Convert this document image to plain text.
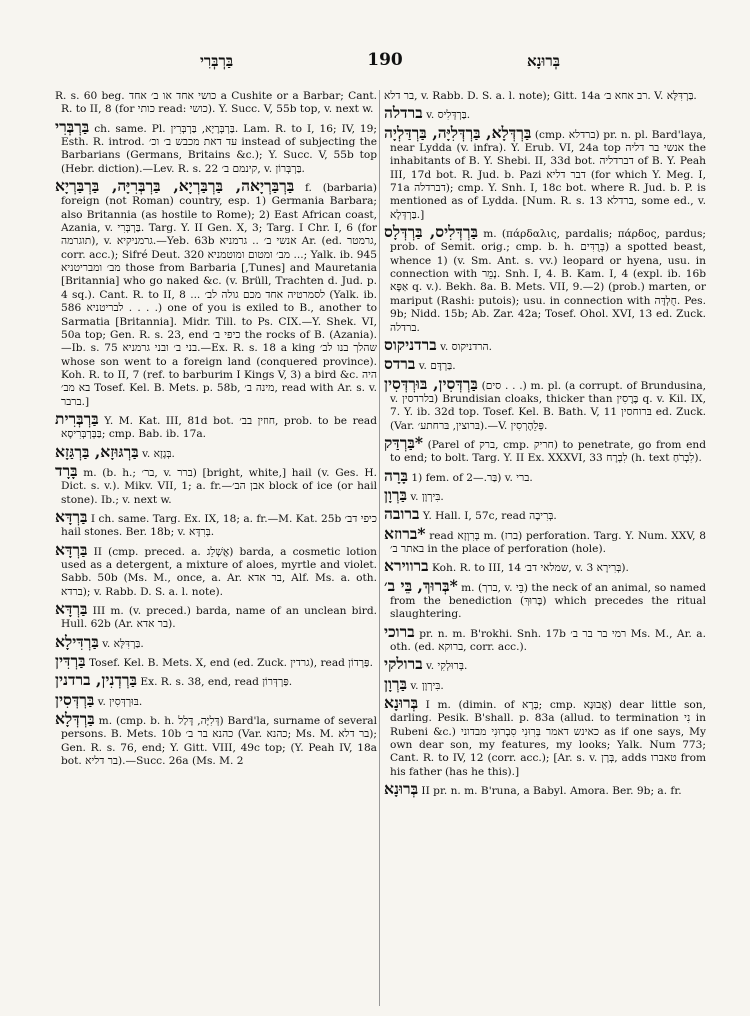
בַּרְבְּרִי	190	בְּרוּנָא

R. s. 60 beg. כושי אחד או ב׳ אחד a Cushite or a Barbar; Cant. R. to II, 8 (for כותי read: כושי). Y. Succ. V, 55b top, v. next w.

בַּרְבְּרִי ch. same. Pl. בַּרְבְּרָיָא, בַּרְבְּרִין. Lam. R. to I, 16; IV, 19; Esth. R. introd. עד דאת מכבש ב׳ וכ׳ instead of subjecting the Barbarians (Germans, Britains &c.); Y. Succ. V, 55b top (Hebr. diction).—Lev. R. s. 22 קינמם ב׳, v. בַּרְבְּרוֹן.

בַּרְבַּרְיָאה, בַּרְבַּרְיָא, בַּרְבְּרִיָּה, בַּרְבַּרְיָא f. (barbaria) foreign (not Roman) country, esp. 1) Germania Barbara; also Britannia (as hostile to Rome); 2) East African coast, Azania, v. בַּרְבְּרִי. Targ. Y. II Gen. X, 3; Targ. I Chr. I, 6 (for תוגרמה), v. גרמניקיא.—Yeb. 63b אנשי ב׳ .. גרמניא Ar. (ed. גרמטר, corr. acc.); Sifré Deut. 320 מב׳ ומטום ומוטמניא ...; Yalk. ib. 945 מב׳ ומבריטניא those from Barbaria [,Tunes] and Mauretania [Britannia] who go naked &c. (v. Brüll, Trachten d. Jud. p. 4 sq.). Cant. R. to II, 8 ... לסמרטיה אחד מכם גולה לב׳ (Yalk. ib. 586 לבריטניא . . . .) one of you is exiled to B., another to Sarmatia [Britannia]. Midr. Till. to Ps. CIX.—Y. Shek. VI, 50a top; Gen. R. s. 23, end כיפי ב׳ the rocks of B. (Azania).—Ib. s. 75 בני ב׳ ובני גרמניא.—Ex. R. s. 18 a king שהלך בנו לב׳ whose son went to a foreign land (conquered province). Koh. R. to II, 7 (ref. to barburim I Kings V, 3) a bird &c. היה בא מב׳ Tosef. Kel. B. Mets. p. 58b, מינה ב׳, read with Ar. s. v. ברבר.]

בַּרְבְּרִית Y. M. Kat. III, 81d bot. חוזין בב׳, prob. to be read בַּבְּרְבְּרִיסָא; cmp. Bab. ib. 17a.

בַּרְגּוּזָא, בַּרְגַּזָא v. בְּגָזָא.

בָּרָד m. (b. h.; בר׳, v. ברר) [bright, white,] hail (v. Ges. H. Dict. s. v.). Mikv. VII, 1; a. fr.—אבן הב׳ block of ice (or hail stone). Ib.; v. next w.

בַּרְדָּא I ch. same. Targ. Ex. IX, 18; a. fr.—M. Kat. 25b כיפי דב׳ hail stones. Ber. 18b; v. בְּרִדָּא.

בַּרְדָּא II (cmp. preced. a. אֲשְׁלֵג) barda, a cosmetic lotion used as a detergent, a mixture of aloes, myrtle and violet. Sabb. 50b (Ms. M., once, a. Ar. בר אדא, Alf. Ms. a. oth. ברדא); v. Rabb. D. S. a. l. note).

בַּרְדָּא III m. (v. preced.) barda, name of an unclean bird. Hull. 62b (Ar. בר אדא).

בַּרְדִּילָא v. בַּרְדִּלָּא.

בַּרְדִּין Tosef. Kel. B. Mets. X, end (ed. Zuck. גרדין), read פַּרְדוֹן.

בַּרְדְנִין, ברדנין Ex. R. s. 38, end, read פַּרְדְּרוֹן.

בַּרְדְּסִין v. בּוּרְדְּסִין.

בַּרְדְּלָא m. (cmp. b. h. דְּלִיָּה, דָּלַל) Bard'la, surname of several persons. B. Mets. 10b כהנא בר ב׳ (Var. כהנא; Ms. M. בר דלא); Gen. R. s. 76, end; Y. Gitt. VIII, 49c top; (Y. Peah IV, 18a bot. בר דליא).—Succ. 26a (Ms. M. 2

בר דלא, v. Rabb. D. S. a. l. note); Gitt. 14a רב אחא ב׳. V. בַּרְדִּלָּא.

ברדלה v. בַּרְדְּלִיס.

בַּרְדְּלָא, בַּרְדְּלִיָּה, בַּרְדַּלְיָה (cmp. ברדלא) pr. n. pl. Bard'laya, near Lydda (v. infra). Y. Erub. VI, 24a top אנשי בר דליה the inhabitants of B. Y. Shebi. II, 33d bot. דברדליה of B. Y. Peah III, 17d bot. R. Jud. b. Pazi דבר דליא (for which Y. Meg. I, 71a דברדלה); cmp. Y. Snh. I, 18c bot. where R. Jud. b. P. is mentioned as of Lydda. [Num. R. s. 13 ברדלא, some ed., v. בַּרְדְּלָא.]

בַּרְדְּלִיס, בַּרְדְּלָס m. (πάρδαλις, pardalis; πάρδος, pardus; prob. of Semit. orig.; cmp. b. h. בְּרֻדִּים) a spotted beast, whence 1) (v. Sm. Ant. s. vv.) leopard or hyena, usu. in connection with נָמֵר. Snh. I, 4. B. Kam. I, 4 (expl. ib. 16b אַפָּא q. v.). Bekh. 8a. B. Mets. VII, 9.—2) (prob.) marten, or mariput (Rashi: putois); usu. in connection with חֻלְדָּה. Pes. 9b; Nidd. 15b; Ab. Zar. 42a; Tosef. Ohol. XVI, 13 ed. Zuck. ברדלה.

ברדניקוס v. הרדניקוס.

ברדס v. בַּרְדָּם.

בַּרְדְּסִין, בּוּרְדְּסִין (סים . . .) m. pl. (a corrupt. of Brundusina, v. בלרדסין) Brundisian cloaks, thicker than בֶּרֶסִין q. v. Kil. IX, 7. Y. ib. 32d top. Tosef. Kel. B. Bath. V, 11 בּרוחסין ed. Zuck. (Var. בּרוצין, בּרחתע׳).—V. פְּלֵהֶרְסִין.

*בַּרְדַּק (Parel of ברק, cmp. חריק) to penetrate, go from end to end; to bolt. Targ. Y. II Ex. XXXVI, 33 לִבְרָח (h. text לִבְרֹחַ).

בָּרָה 1) fem. of בַּר.—2) v. ברי.

בַּרְוָן v. בִּירְוָן.

ברובה Y. Hall. I, 57c, read בְּרִיבָה.

*ברוזא read בְּרִוְזָא m. (ברז) perforation. Targ. Y. Num. XXV, 8 באתר ב׳ in the place of perforation (hole).

ברווירא Koh. R. to III, 14 שמלאי דב׳, v. בְּרִירָא 3).

*בְּרוּךְ, בֵּי ב׳ m. (ברך, v. בֵּי) the neck of an animal, so named from the benediction (בָּרוּךְ) which precedes the ritual slaughtering.

ברוכי pr. n. m. B'rokhi. Snh. 17b רמי בר בר ב׳ Ms. M., Ar. a. oth. (ed. ברוקא, corr. acc.).

ברולקי v. בְּרוּלְקִי.

בַּרְוָן v. בִּירְוָן.

בְּרוּנָא I m. (dimin. of בְּרָא; cmp. אֲבוּנָא) dear little son, darling. Pesik. B'shall. p. 83a (allud. to termination נִי in Rubeni &c.) כאינש דאמר בְּרִוּנִי סִבְרוּנִי מבדוני as if one says, My own dear son, my features, my looks; Yalk. Num 773; Cant. R. to IV, 12 (corr. acc.); [Ar. s. v. בְּרָן, adds טאברו from his father (has he this).]

בְּרוּנָא II pr. n. m. B'runa, a Babyl. Amora. Ber. 9b; a. fr.
